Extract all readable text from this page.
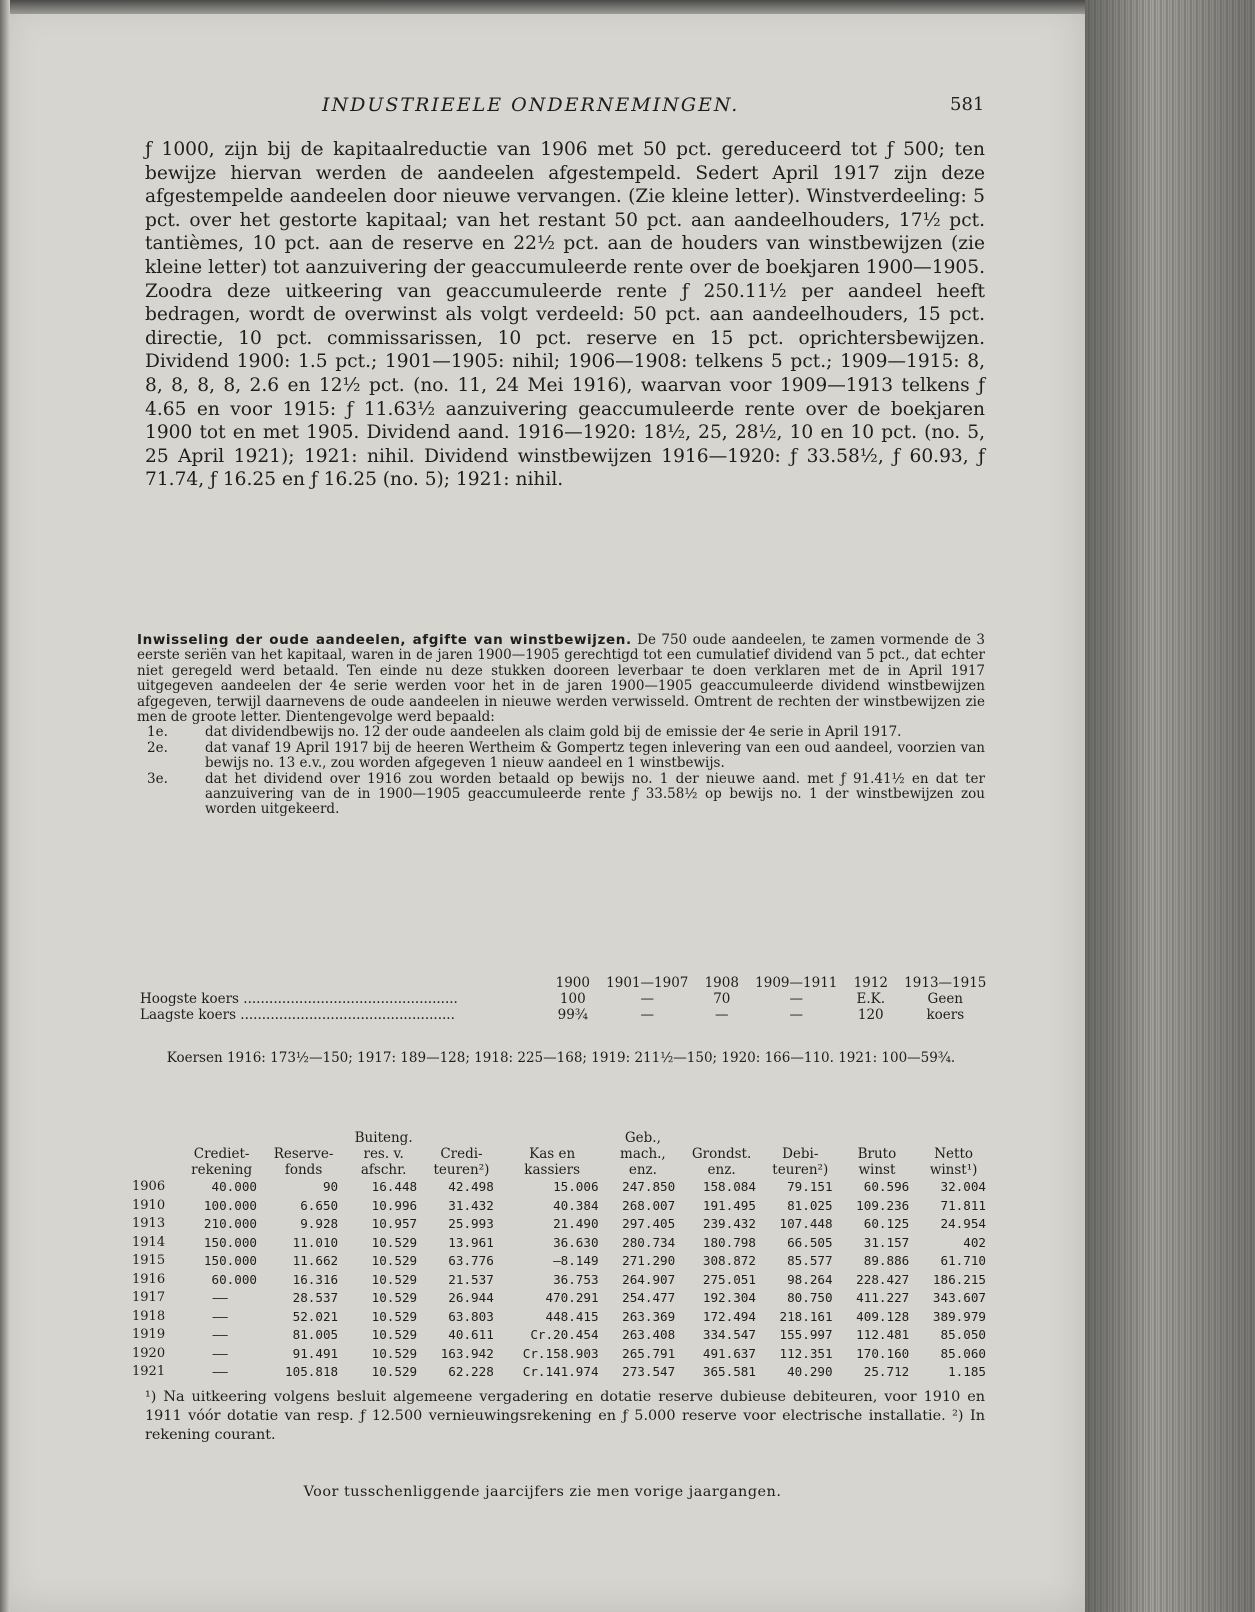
INDUSTRIEELE ONDERNEMINGEN.	581

ƒ 1000, zijn bij de kapitaalreductie van 1906 met 50 pct. gereduceerd tot ƒ 500; ten bewijze hiervan werden de aandeelen afgestempeld. Sedert April 1917 zijn deze afgestempelde aandeelen door nieuwe vervangen. (Zie kleine letter). Winstverdeeling: 5 pct. over het gestorte kapitaal; van het restant 50 pct. aan aandeelhouders, 17½ pct. tantièmes, 10 pct. aan de reserve en 22½ pct. aan de houders van winstbewijzen (zie kleine letter) tot aanzuivering der geaccumuleerde rente over de boekjaren 1900—1905. Zoodra deze uitkeering van geaccumuleerde rente ƒ 250.11½ per aandeel heeft bedragen, wordt de overwinst als volgt verdeeld: 50 pct. aan aandeelhouders, 15 pct. directie, 10 pct. commissarissen, 10 pct. reserve en 15 pct. oprichtersbewijzen. Dividend 1900: 1.5 pct.; 1901—1905: nihil; 1906—1908: telkens 5 pct.; 1909—1915: 8, 8, 8, 8, 8, 2.6 en 12½ pct. (no. 11, 24 Mei 1916), waarvan voor 1909—1913 telkens ƒ 4.65 en voor 1915: ƒ 11.63½ aanzuivering geaccumuleerde rente over de boekjaren 1900 tot en met 1905. Dividend aand. 1916—1920: 18½, 25, 28½, 10 en 10 pct. (no. 5, 25 April 1921); 1921: nihil. Dividend winstbewijzen 1916—1920: ƒ 33.58½, ƒ 60.93, ƒ 71.74, ƒ 16.25 en ƒ 16.25 (no. 5); 1921: nihil.

Inwisseling der oude aandeelen, afgifte van winstbewijzen. De 750 oude aandeelen, te zamen vormende de 3 eerste seriën van het kapitaal, waren in de jaren 1900—1905 gerechtigd tot een cumulatief dividend van 5 pct., dat echter niet geregeld werd betaald. Ten einde nu deze stukken dooreen leverbaar te doen verklaren met de in April 1917 uitgegeven aandeelen der 4e serie werden voor het in de jaren 1900—1905 geaccumuleerde dividend winstbewijzen afgegeven, terwijl daarnevens de oude aandeelen in nieuwe werden verwisseld. Omtrent de rechten der winstbewijzen zie men de groote letter. Dientengevolge werd bepaald:

1e.	dat dividendbewijs no. 12 der oude aandeelen als claim gold bij de emissie der 4e serie in April 1917.
2e.	dat vanaf 19 April 1917 bij de heeren Wertheim & Gompertz tegen inlevering van een oud aandeel, voorzien van bewijs no. 13 e.v., zou worden afgegeven 1 nieuw aandeel en 1 winstbewijs.
3e.	dat het dividend over 1916 zou worden betaald op bewijs no. 1 der nieuwe aand. met ƒ 91.41½ en dat ter aanzuivering van de in 1900—1905 geaccumuleerde rente ƒ 33.58½ op bewijs no. 1 der winstbewijzen zou worden uitgekeerd.
	1900	1901—1907	1908	1909—1911	1912	1913—1915
Hoogste koers ..................................................	100	—	70	—	E.K.	Geen
Laagste koers ..................................................	99¾	—	—	—	120	koers
Koersen 1916: 173½—150; 1917: 189—128; 1918: 225—168; 1919: 211½—150; 1920: 166—110. 1921: 100—59¾.
			Buiteng.			Geb.,				
	Crediet-	Reserve-	res. v.	Credi-	Kas en	mach.,	Grondst.	Debi-	Bruto	Netto
	rekening	fonds	afschr.	teuren²)	kassiers	enz.	enz.	teuren²)	winst	winst¹)
1906	40.000	90	16.448	42.498	15.006	247.850	158.084	79.151	60.596	32.004
1910	100.000	6.650	10.996	31.432	40.384	268.007	191.495	81.025	109.236	71.811
1913	210.000	9.928	10.957	25.993	21.490	297.405	239.432	107.448	60.125	24.954
1914	150.000	11.010	10.529	13.961	36.630	280.734	180.798	66.505	31.157	402
1915	150.000	11.662	10.529	63.776	—8.149	271.290	308.872	85.577	89.886	61.710
1916	60.000	16.316	10.529	21.537	36.753	264.907	275.051	98.264	228.427	186.215
1917	——	28.537	10.529	26.944	470.291	254.477	192.304	80.750	411.227	343.607
1918	——	52.021	10.529	63.803	448.415	263.369	172.494	218.161	409.128	389.979
1919	——	81.005	10.529	40.611	Cr.20.454	263.408	334.547	155.997	112.481	85.050
1920	——	91.491	10.529	163.942	Cr.158.903	265.791	491.637	112.351	170.160	85.060
1921	——	105.818	10.529	62.228	Cr.141.974	273.547	365.581	40.290	25.712	1.185

¹) Na uitkeering volgens besluit algemeene vergadering en dotatie reserve dubieuse debiteuren, voor 1910 en 1911 vóór dotatie van resp. ƒ 12.500 vernieuwingsrekening en ƒ 5.000 reserve voor electrische installatie. ²) In rekening courant.

Voor tusschenliggende jaarcijfers zie men vorige jaargangen.
